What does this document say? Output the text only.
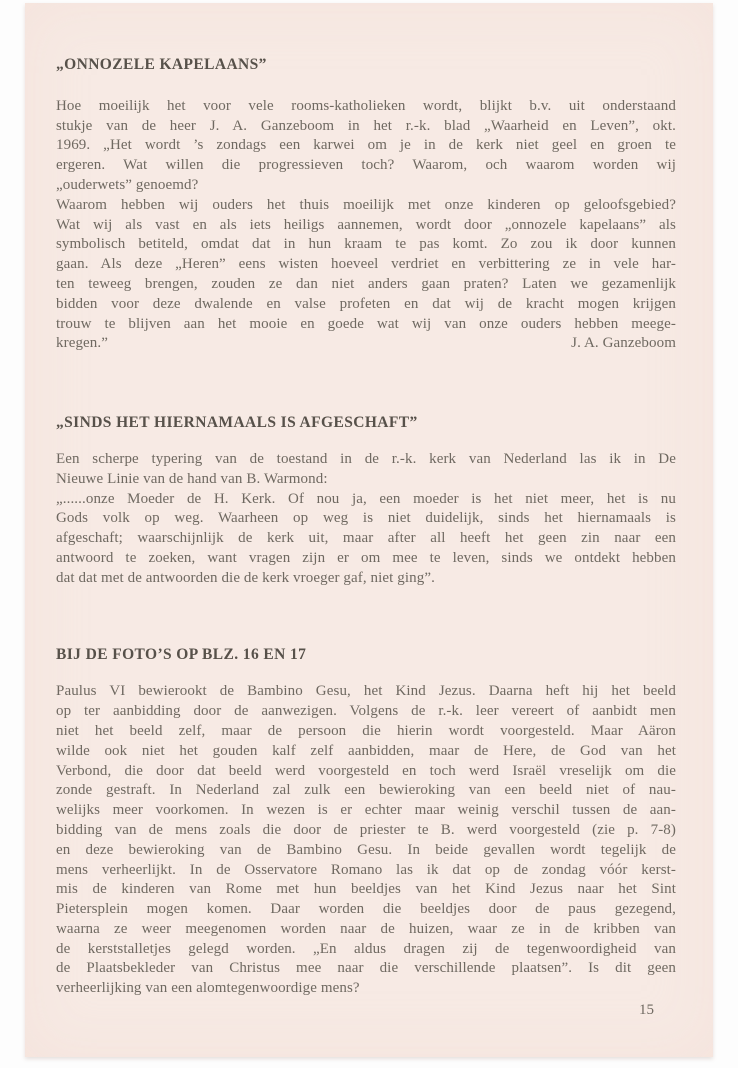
„ONNOZELE KAPELAANS”
Hoe moeilijk het voor vele rooms-katholieken wordt, blijkt b.v. uit onderstaand
stukje van de heer J. A. Ganzeboom in het r.-k. blad „Waarheid en Leven”, okt.
1969. „Het wordt ’s zondags een karwei om je in de kerk niet geel en groen te
ergeren. Wat willen die progressieven toch? Waarom, och waarom worden wij
„ouderwets” genoemd?
Waarom hebben wij ouders het thuis moeilijk met onze kinderen op geloofsgebied?
Wat wij als vast en als iets heiligs aannemen, wordt door „onnozele kapelaans” als
symbolisch betiteld, omdat dat in hun kraam te pas komt. Zo zou ik door kunnen
gaan. Als deze „Heren” eens wisten hoeveel verdriet en verbittering ze in vele har-
ten teweeg brengen, zouden ze dan niet anders gaan praten? Laten we gezamenlijk
bidden voor deze dwalende en valse profeten en dat wij de kracht mogen krijgen
trouw te blijven aan het mooie en goede wat wij van onze ouders hebben meege-
kregen.”	J. A. Ganzeboom
„SINDS HET HIERNAMAALS IS AFGESCHAFT”
Een scherpe typering van de toestand in de r.-k. kerk van Nederland las ik in De
Nieuwe Linie van de hand van B. Warmond:
„......onze Moeder de H. Kerk. Of nou ja, een moeder is het niet meer, het is nu
Gods volk op weg. Waarheen op weg is niet duidelijk, sinds het hiernamaals is
afgeschaft; waarschijnlijk de kerk uit, maar after all heeft het geen zin naar een
antwoord te zoeken, want vragen zijn er om mee te leven, sinds we ontdekt hebben
dat dat met de antwoorden die de kerk vroeger gaf, niet ging”.
BIJ DE FOTO’S OP BLZ. 16 EN 17
Paulus VI bewierookt de Bambino Gesu, het Kind Jezus. Daarna heft hij het beeld
op ter aanbidding door de aanwezigen. Volgens de r.-k. leer vereert of aanbidt men
niet het beeld zelf, maar de persoon die hierin wordt voorgesteld. Maar Aäron
wilde ook niet het gouden kalf zelf aanbidden, maar de Here, de God van het
Verbond, die door dat beeld werd voorgesteld en toch werd Israël vreselijk om die
zonde gestraft. In Nederland zal zulk een bewieroking van een beeld niet of nau-
welijks meer voorkomen. In wezen is er echter maar weinig verschil tussen de aan-
bidding van de mens zoals die door de priester te B. werd voorgesteld (zie p. 7-8)
en deze bewieroking van de Bambino Gesu. In beide gevallen wordt tegelijk de
mens verheerlijkt. In de Osservatore Romano las ik dat op de zondag vóór kerst-
mis de kinderen van Rome met hun beeldjes van het Kind Jezus naar het Sint
Pietersplein mogen komen. Daar worden die beeldjes door de paus gezegend,
waarna ze weer meegenomen worden naar de huizen, waar ze in de kribben van
de kerststalletjes gelegd worden. „En aldus dragen zij de tegenwoordigheid van
de Plaatsbekleder van Christus mee naar die verschillende plaatsen”. Is dit geen
verheerlijking van een alomtegenwoordige mens?
15
